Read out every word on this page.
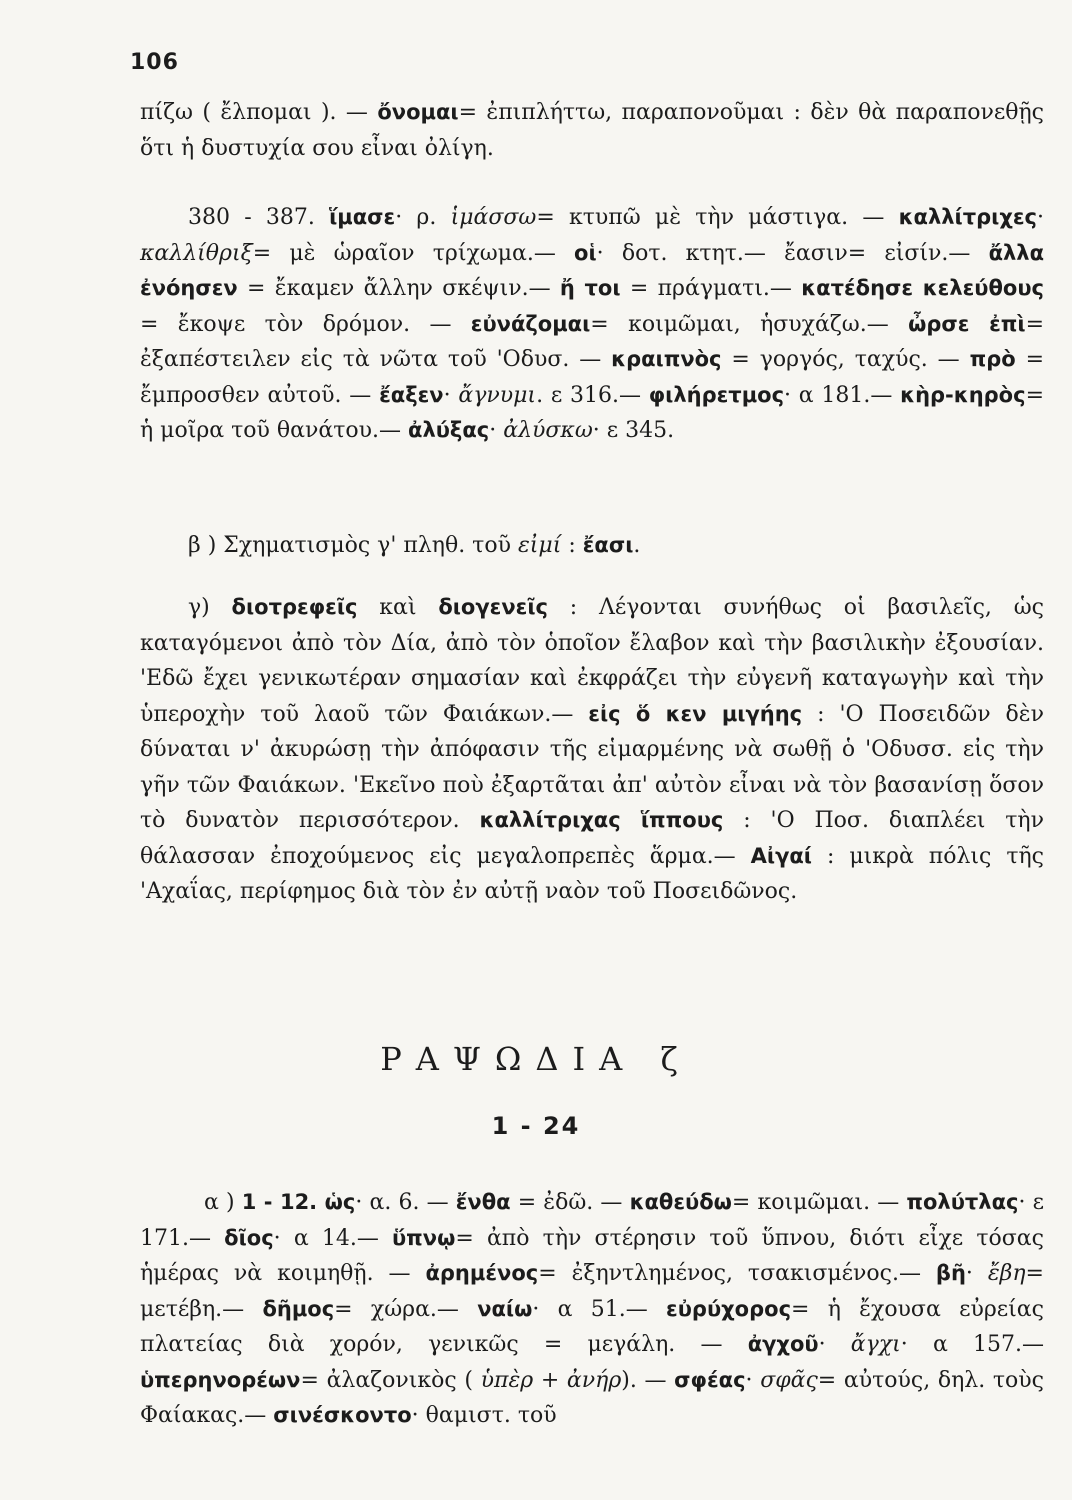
106

πίζω ( ἔλπομαι ). — ὄνομαι= ἐπιπλήττω, παραπονοῦμαι : δὲν θὰ παραπονεθῇς ὅτι ἡ δυστυχία σου εἶναι ὀλίγη.

380 - 387. ἵμασε· ρ. ἱμάσσω= κτυπῶ μὲ τὴν μάστιγα. — καλλίτριχες· καλλίθριξ= μὲ ὡραῖον τρίχωμα.— οἱ· δοτ. κτητ.— ἔασιν= εἰσίν.— ἄλλα ἐνόησεν = ἔκαμεν ἄλλην σκέψιν.— ἤ τοι = πράγματι.— κατέδησε κελεύθους = ἔκοψε τὸν δρόμον. — εὐνάζομαι= κοιμῶμαι, ἡσυχάζω.— ὦρσε ἐπὶ= ἐξαπέστειλεν εἰς τὰ νῶτα τοῦ 'Οδυσ. — κραιπνὸς = γοργός, ταχύς. — πρὸ = ἔμπροσθεν αὐτοῦ. — ἔαξεν· ἄγνυμι. ε 316.— φιλήρετμος· α 181.— κὴρ-κηρὸς= ἡ μοῖρα τοῦ θανάτου.— ἀλύξας· ἀλύσκω· ε 345.

β ) Σχηματισμὸς γ' πληθ. τοῦ εἰμί : ἔασι.

γ) διοτρεφεῖς καὶ διογενεῖς : Λέγονται συνήθως οἱ βασιλεῖς, ὡς καταγόμενοι ἀπὸ τὸν Δία, ἀπὸ τὸν ὁποῖον ἔλαβον καὶ τὴν βασιλικὴν ἐξουσίαν. 'Εδῶ ἔχει γενικωτέραν σημασίαν καὶ ἐκφράζει τὴν εὐγενῆ καταγωγὴν καὶ τὴν ὑπεροχὴν τοῦ λαοῦ τῶν Φαιάκων.— εἰς ὅ κεν μιγήης : 'Ο Ποσειδῶν δὲν δύναται ν' ἀκυρώσῃ τὴν ἀπόφασιν τῆς εἱμαρμένης νὰ σωθῇ ὁ 'Οδυσσ. εἰς τὴν γῆν τῶν Φαιάκων. 'Εκεῖνο ποὺ ἐξαρτᾶται ἀπ' αὐτὸν εἶναι νὰ τὸν βασανίσῃ ὅσον τὸ δυνατὸν περισσότερον. καλλίτριχας ἵππους : 'Ο Ποσ. διαπλέει τὴν θάλασσαν ἐποχούμενος εἰς μεγαλοπρεπὲς ἅρμα.— Αἰγαί : μικρὰ πόλις τῆς 'Αχαΐας, περίφημος διὰ τὸν ἐν αὐτῇ ναὸν τοῦ Ποσειδῶνος.

ΡΑΨΩΔΙΑ ζ
1 - 24

α ) 1 - 12. ὡς· α. 6. — ἔνθα = ἐδῶ. — καθεύδω= κοιμῶμαι. — πολύτλας· ε 171.— δῖος· α 14.— ὕπνῳ= ἀπὸ τὴν στέρησιν τοῦ ὕπνου, διότι εἶχε τόσας ἡμέρας νὰ κοιμηθῇ. — ἀρημένος= ἐξηντλημένος, τσακισμένος.— βῆ· ἔβη= μετέβη.— δῆμος= χώρα.— ναίω· α 51.— εὐρύχορος= ἡ ἔχουσα εὐρείας πλατείας διὰ χορόν, γενικῶς = μεγάλη. — ἀγχοῦ· ἄγχι· α 157.— ὑπερηνορέων= ἀλαζονικὸς ( ὑπὲρ + ἀνήρ). — σφέας· σφᾶς= αὐτούς, δηλ. τοὺς Φαίακας.— σινέσκοντο· θαμιστ. τοῦ
